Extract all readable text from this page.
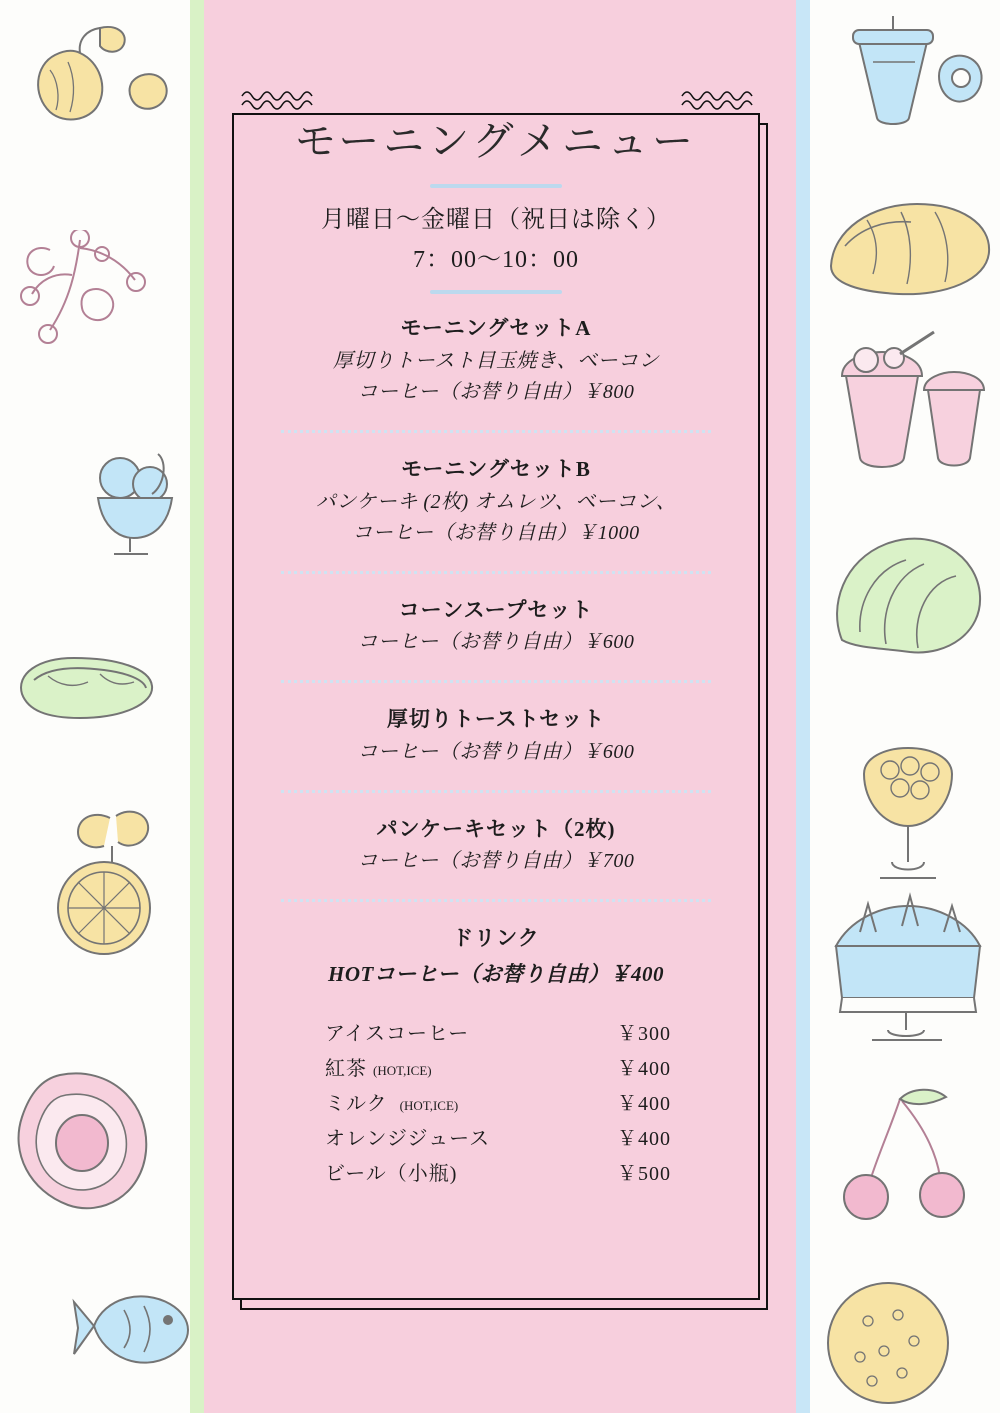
モーニングメニュー
月曜日〜金曜日（祝日は除く）
7：00〜10：00
モーニングセットA
厚切りトースト目玉焼き、ベーコン
コーヒー（お替り自由）￥800
モーニングセットB
パンケーキ (2枚) オムレツ、ベーコン、
コーヒー（お替り自由）￥1000
コーンスープセット
コーヒー（お替り自由）￥600
厚切りトーストセット
コーヒー（お替り自由）￥600
パンケーキセット（2枚)
コーヒー（お替り自由）￥700
ドリンク
HOTコーヒー（お替り自由）￥400
アイスコーヒー	￥300
紅茶 (HOT,ICE)	￥400
ミルク (HOT,ICE)	￥400
オレンジジュース	￥400
ビール（小瓶)	￥500
